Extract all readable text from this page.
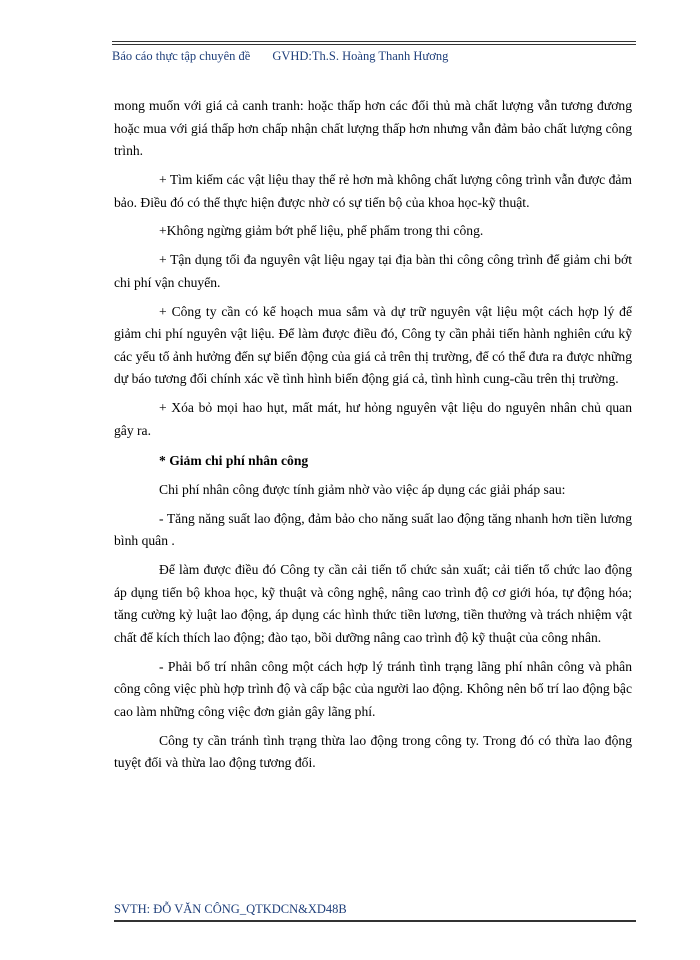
Báo cáo thực tập chuyên đề GVHD:Th.S. Hoàng Thanh Hương

mong muốn với giá cả canh tranh: hoặc thấp hơn các đối thủ mà chất lượng vẫn tương đương hoặc mua với giá thấp hơn chấp nhận chất lượng thấp hơn nhưng vẫn đảm bảo chất lượng công trình.

+ Tìm kiếm các vật liệu thay thế rẻ hơn mà không chất lượng công trình vẫn được đảm bảo. Điều đó có thể thực hiện được nhờ có sự tiến bộ của khoa học-kỹ thuật.

+Không ngừng giảm bớt phế liệu, phế phẩm trong thi công.

+ Tận dụng tối đa nguyên vật liệu ngay tại địa bàn thi công công trình để giảm chi bớt chi phí vận chuyển.

+ Công ty cần có kế hoạch mua sắm và dự trữ nguyên vật liệu một cách hợp lý để giảm chi phí nguyên vật liệu. Để làm được điều đó, Công ty cần phải tiến hành nghiên cứu kỹ các yếu tố ảnh hưởng đến sự biến động của giá cả trên thị trường, để có thể đưa ra được những dự báo tương đối chính xác về tình hình biến động giá cả, tình hình cung-cầu trên thị trường.

+ Xóa bỏ mọi hao hụt, mất mát, hư hỏng nguyên vật liệu do nguyên nhân chủ quan gây ra.

* Giảm chi phí nhân công

Chi phí nhân công được tính giảm nhờ vào việc áp dụng các giải pháp sau:

- Tăng năng suất lao động, đảm bảo cho năng suất lao động tăng nhanh hơn tiền lương bình quân .

Để làm được điều đó Công ty cần cải tiến tổ chức sản xuất; cải tiến tổ chức lao động áp dụng tiến bộ khoa học, kỹ thuật và công nghệ, nâng cao trình độ cơ giới hóa, tự động hóa; tăng cường kỷ luật lao động, áp dụng các hình thức tiền lương, tiền thưởng và trách nhiệm vật chất để kích thích lao động; đào tạo, bồi dưỡng nâng cao trình độ kỹ thuật của công nhân.

- Phải bố trí nhân công một cách hợp lý tránh tình trạng lãng phí nhân công và phân công công việc phù hợp trình độ và cấp bậc của người lao động. Không nên bố trí lao động bậc cao làm những công việc đơn giản gây lãng phí.

Công ty cần tránh tình trạng thừa lao động trong công ty. Trong đó có thừa lao động tuyệt đối và thừa lao động tương đối.

SVTH: ĐỖ VĂN CÔNG_QTKDCN&XD48B
